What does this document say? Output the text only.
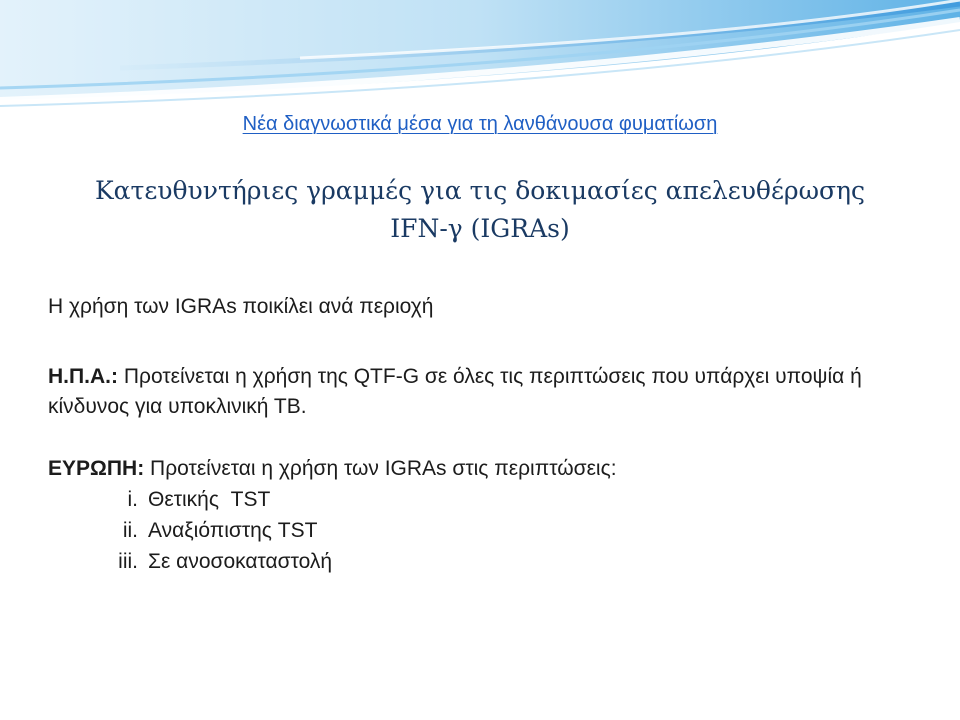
Νέα διαγνωστικά μέσα για τη λανθάνουσα φυματίωση
Κατευθυντήριες γραμμές για τις δοκιμασίες απελευθέρωσης
IFN-γ (IGRAs)
Η χρήση των IGRAs ποικίλει ανά περιοχή
Η.Π.Α.: Προτείνεται η χρήση της QTF-G σε όλες τις περιπτώσεις που υπάρχει υποψία ή κίνδυνος για υποκλινική ΤΒ.
ΕΥΡΩΠΗ: Προτείνεται η χρήση των IGRAs στις περιπτώσεις:
i. Θετικής  TST
ii. Αναξιόπιστης TST
iii. Σε ανοσοκαταστολή
